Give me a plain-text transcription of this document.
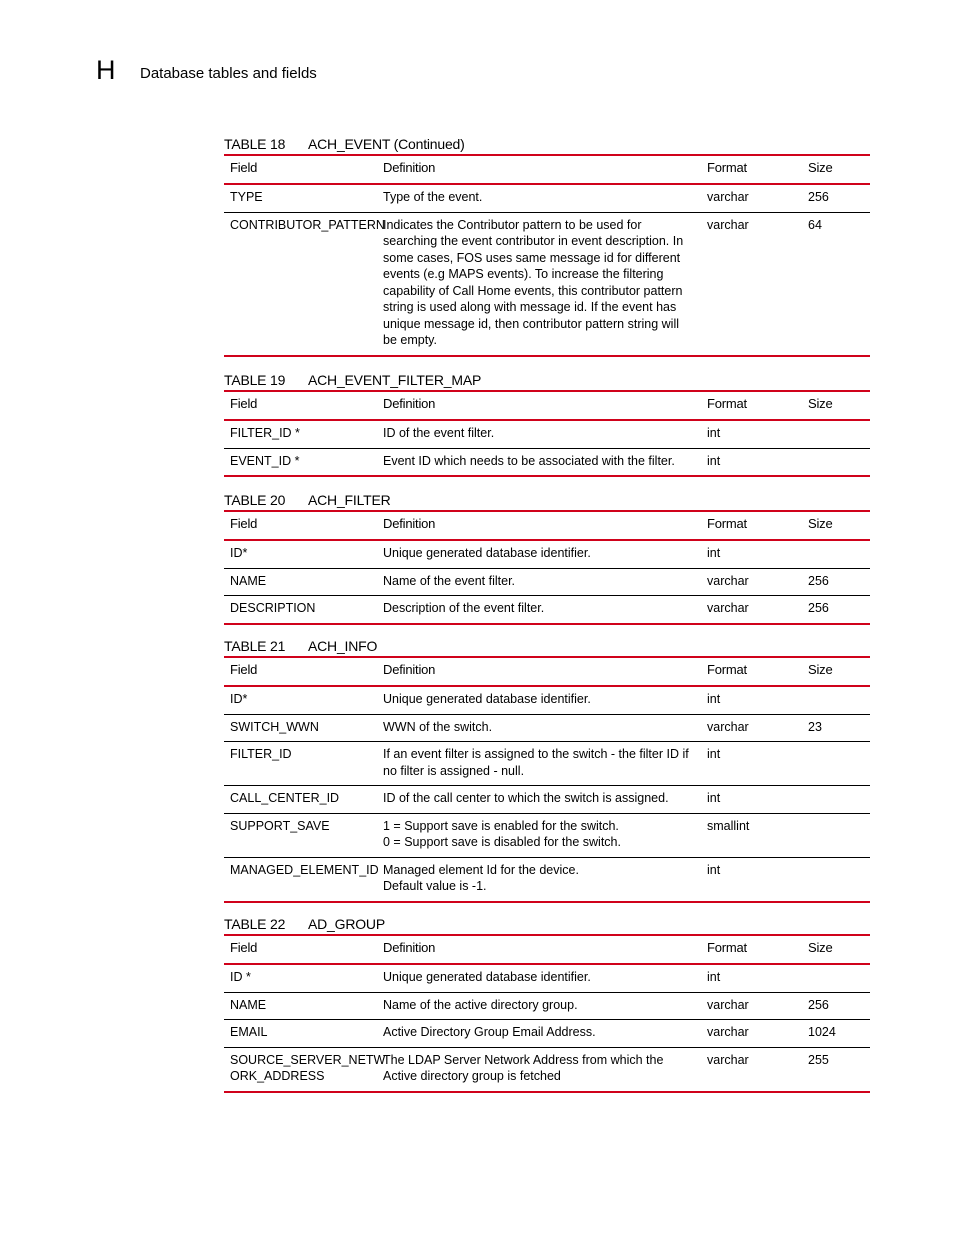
H Database tables and fields
TABLE 18 ACH_EVENT (Continued)
Field	Definition	Format	Size
TYPE	Type of the event.	varchar	256
CONTRIBUTOR_PATTERN	Indicates the Contributor pattern to be used for searching the event contributor in event description. In some cases, FOS uses same message id for different events (e.g MAPS events). To increase the filtering capability of Call Home events, this contributor pattern string is used along with message id. If the event has unique message id, then contributor pattern string will be empty.	varchar	64
TABLE 19 ACH_EVENT_FILTER_MAP
Field	Definition	Format	Size
FILTER_ID *	ID of the event filter.	int	
EVENT_ID *	Event ID which needs to be associated with the filter.	int	
TABLE 20 ACH_FILTER
Field	Definition	Format	Size
ID*	Unique generated database identifier.	int	
NAME	Name of the event filter.	varchar	256
DESCRIPTION	Description of the event filter.	varchar	256
TABLE 21 ACH_INFO
Field	Definition	Format	Size
ID*	Unique generated database identifier.	int	
SWITCH_WWN	WWN of the switch.	varchar	23
FILTER_ID	If an event filter is assigned to the switch - the filter ID if no filter is assigned - null.	int	
CALL_CENTER_ID	ID of the call center to which the switch is assigned.	int	
SUPPORT_SAVE	1 = Support save is enabled for the switch.
0 = Support save is disabled for the switch.	smallint	
MANAGED_ELEMENT_ID	Managed element Id for the device.
Default value is -1.	int	
TABLE 22 AD_GROUP
Field	Definition	Format	Size
ID *	Unique generated database identifier.	int	
NAME	Name of the active directory group.	varchar	256
EMAIL	Active Directory Group Email Address.	varchar	1024
SOURCE_SERVER_NETW
ORK_ADDRESS	The LDAP Server Network Address from which the Active directory group is fetched	varchar	255
